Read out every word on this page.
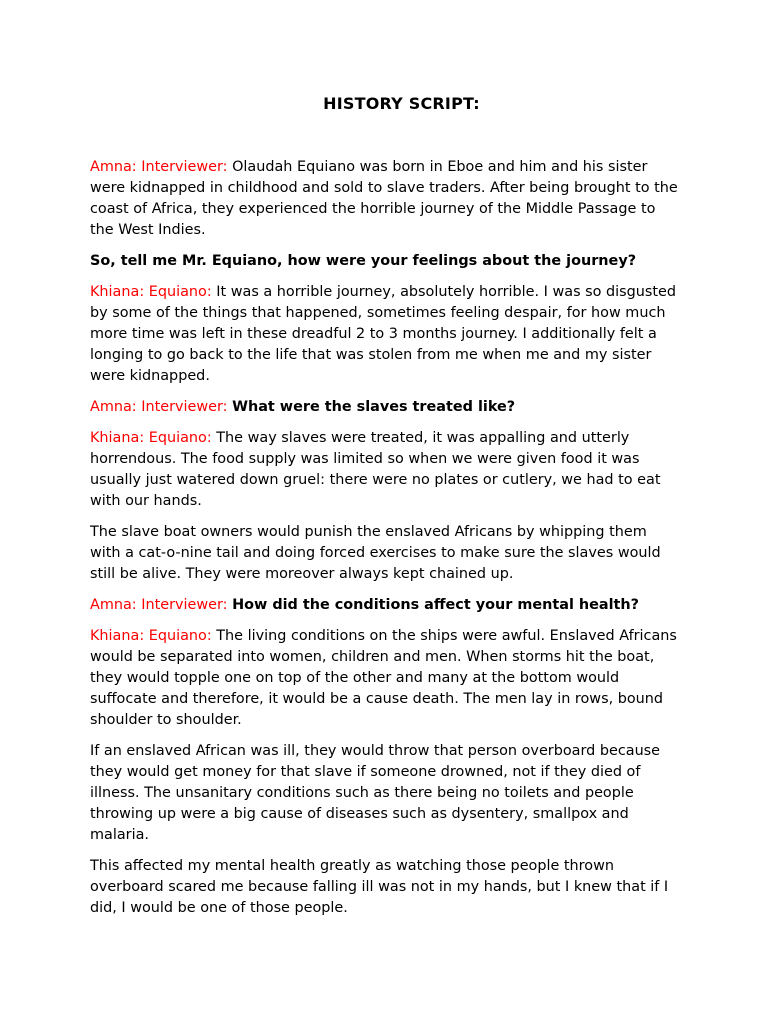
HISTORY SCRIPT:

Amna: Interviewer: Olaudah Equiano was born in Eboe and him and his sister were kidnapped in childhood and sold to slave traders. After being brought to the coast of Africa, they experienced the horrible journey of the Middle Passage to the West Indies.

So, tell me Mr. Equiano, how were your feelings about the journey?

Khiana: Equiano: It was a horrible journey, absolutely horrible. I was so disgusted by some of the things that happened, sometimes feeling despair, for how much more time was left in these dreadful 2 to 3 months journey. I additionally felt a longing to go back to the life that was stolen from me when me and my sister were kidnapped.

Amna: Interviewer: What were the slaves treated like?

Khiana: Equiano: The way slaves were treated, it was appalling and utterly horrendous. The food supply was limited so when we were given food it was usually just watered down gruel: there were no plates or cutlery, we had to eat with our hands.

The slave boat owners would punish the enslaved Africans by whipping them with a cat-o-nine tail and doing forced exercises to make sure the slaves would still be alive. They were moreover always kept chained up.

Amna: Interviewer: How did the conditions affect your mental health?

Khiana: Equiano: The living conditions on the ships were awful. Enslaved Africans would be separated into women, children and men. When storms hit the boat, they would topple one on top of the other and many at the bottom would suffocate and therefore, it would be a cause death. The men lay in rows, bound shoulder to shoulder.

If an enslaved African was ill, they would throw that person overboard because they would get money for that slave if someone drowned, not if they died of illness. The unsanitary conditions such as there being no toilets and people throwing up were a big cause of diseases such as dysentery, smallpox and malaria.

This affected my mental health greatly as watching those people thrown overboard scared me because falling ill was not in my hands, but I knew that if I did, I would be one of those people.
